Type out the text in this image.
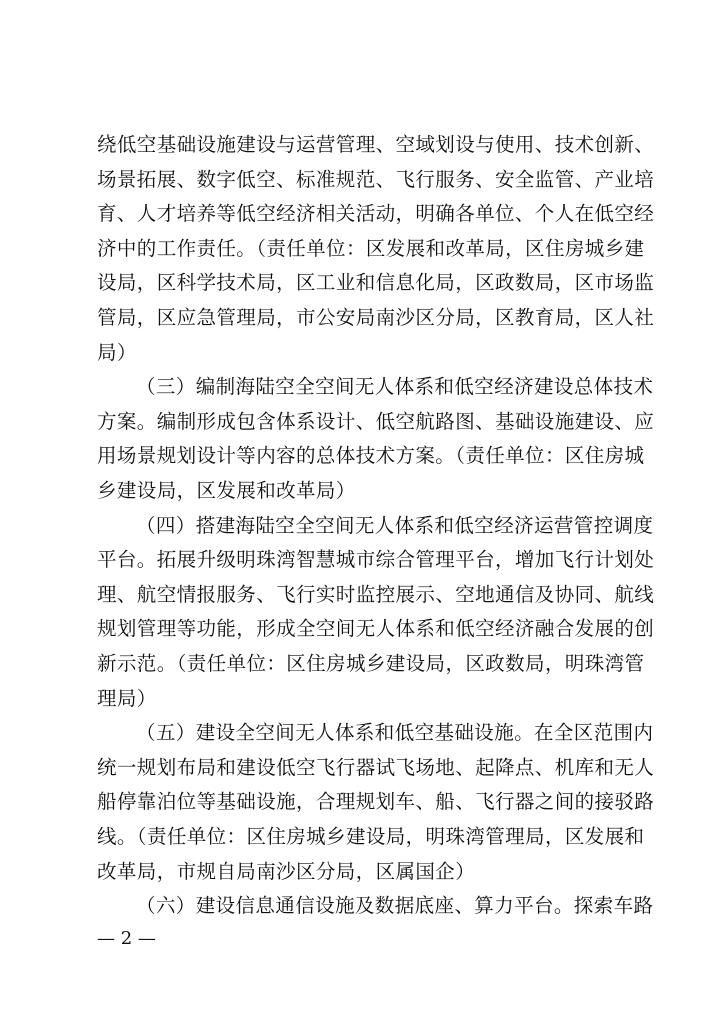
绕低空基础设施建设与运营管理、空域划设与使用、技术创新、
场景拓展、数字低空、标准规范、飞行服务、安全监管、产业培
育、人才培养等低空经济相关活动，明确各单位、个人在低空经
济中的工作责任。（责任单位：区发展和改革局，区住房城乡建
设局，区科学技术局，区工业和信息化局，区政数局，区市场监
管局，区应急管理局，市公安局南沙区分局，区教育局，区人社
局）
（三）编制海陆空全空间无人体系和低空经济建设总体技术
方案。编制形成包含体系设计、低空航路图、基础设施建设、应
用场景规划设计等内容的总体技术方案。（责任单位：区住房城
乡建设局，区发展和改革局）
（四）搭建海陆空全空间无人体系和低空经济运营管控调度
平台。拓展升级明珠湾智慧城市综合管理平台，增加飞行计划处
理、航空情报服务、飞行实时监控展示、空地通信及协同、航线
规划管理等功能，形成全空间无人体系和低空经济融合发展的创
新示范。（责任单位：区住房城乡建设局，区政数局，明珠湾管
理局）
（五）建设全空间无人体系和低空基础设施。在全区范围内
统一规划布局和建设低空飞行器试飞场地、起降点、机库和无人
船停靠泊位等基础设施，合理规划车、船、飞行器之间的接驳路
线。（责任单位：区住房城乡建设局，明珠湾管理局，区发展和
改革局，市规自局南沙区分局，区属国企）
（六）建设信息通信设施及数据底座、算力平台。探索车路
— 2 —
